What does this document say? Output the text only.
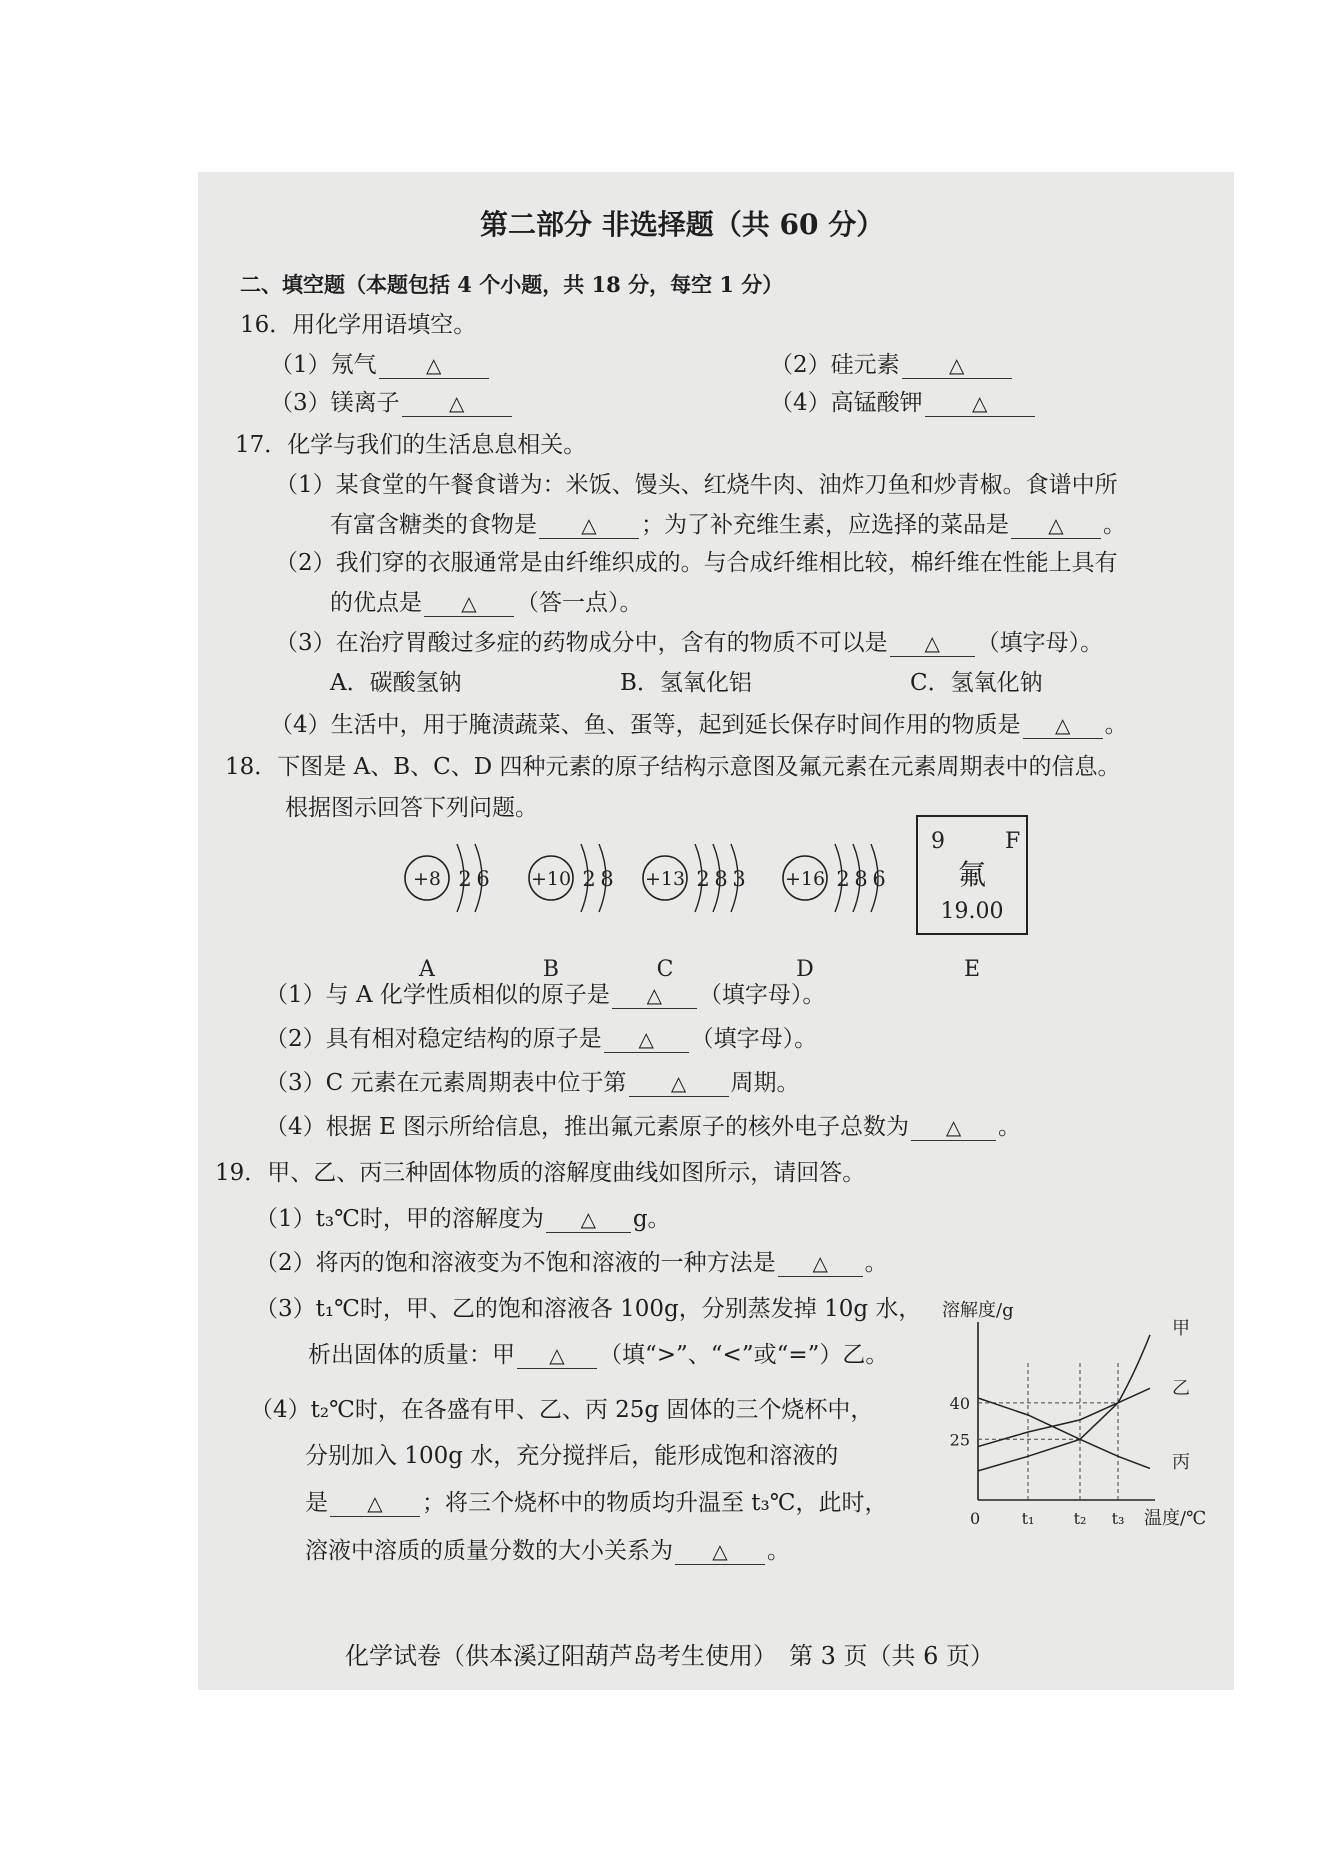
第二部分 非选择题（共 60 分）
二、填空题（本题包括 4 个小题，共 18 分，每空 1 分）
16．用化学用语填空。
（1）氖气 △	（2）硅元素 △
（3）镁离子 △	（4）高锰酸钾 △
17．化学与我们的生活息息相关。
（1）某食堂的午餐食谱为：米饭、馒头、红烧牛肉、油炸刀鱼和炒青椒。食谱中所
有富含糖类的食物是 △ ；为了补充维生素，应选择的菜品是 △ 。
（2）我们穿的衣服通常是由纤维织成的。与合成纤维相比较，棉纤维在性能上具有
的优点是 △ （答一点）。
（3）在治疗胃酸过多症的药物成分中，含有的物质不可以是 △ （填字母）。
A．碳酸氢钠	B．氢氧化铝	C．氢氧化钠
（4）生活中，用于腌渍蔬菜、鱼、蛋等，起到延长保存时间作用的物质是 △ 。
18．下图是 A、B、C、D 四种元素的原子结构示意图及氟元素在元素周期表中的信息。
根据图示回答下列问题。
+8 2 6
A
+10 2 8
B
+13 2 8 3
C
+16 2 8 6
D
9	F
氟
19.00
E
（1）与 A 化学性质相似的原子是 △ （填字母）。
（2）具有相对稳定结构的原子是 △ （填字母）。
（3）C 元素在元素周期表中位于第 △ 周期。
（4）根据 E 图示所给信息，推出氟元素原子的核外电子总数为 △ 。
19．甲、乙、丙三种固体物质的溶解度曲线如图所示，请回答。
（1）t₃℃时，甲的溶解度为 △ g。
（2）将丙的饱和溶液变为不饱和溶液的一种方法是 △ 。
（3）t₁℃时，甲、乙的饱和溶液各 100g，分别蒸发掉 10g 水，
析出固体的质量：甲 △ （填“>”、“<”或“=”）乙。
（4）t₂℃时，在各盛有甲、乙、丙 25g 固体的三个烧杯中，
分别加入 100g 水，充分搅拌后，能形成饱和溶液的
是 △ ；将三个烧杯中的物质均升温至 t₃℃，此时，
溶液中溶质的质量分数的大小关系为 △ 。
溶解度/g
0	温度/℃
25
40
t₁ t₂ t₃
甲
乙
丙
化学试卷（供本溪辽阳葫芦岛考生使用）　第 3 页（共 6 页）
